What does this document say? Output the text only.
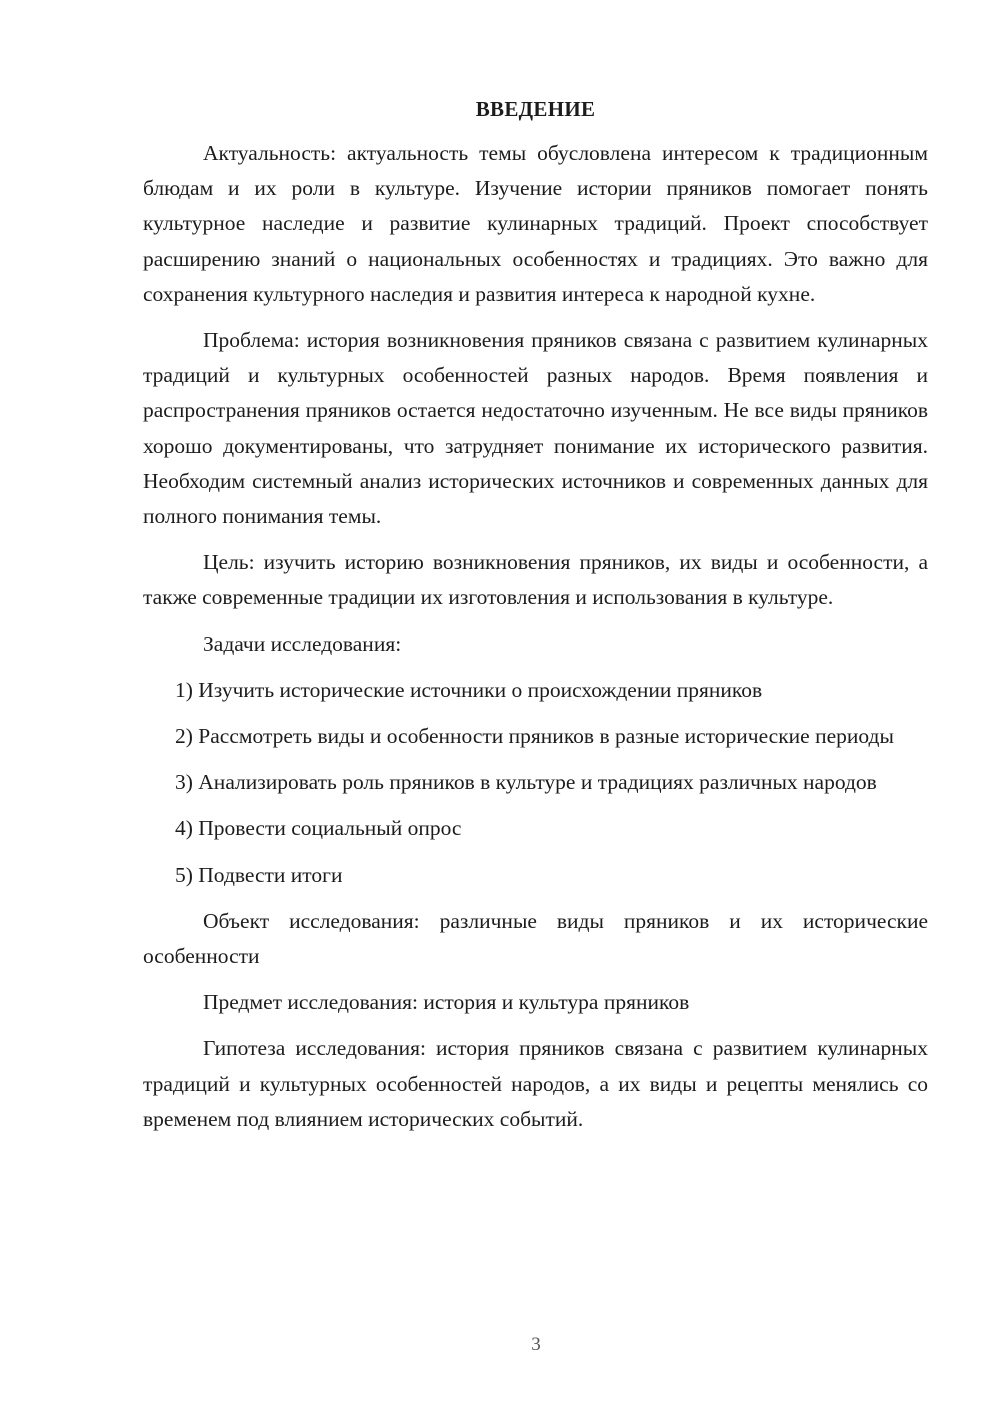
ВВЕДЕНИЕ
Актуальность: актуальность темы обусловлена интересом к традиционным блюдам и их роли в культуре. Изучение истории пряников помогает понять культурное наследие и развитие кулинарных традиций. Проект способствует расширению знаний о национальных особенностях и традициях. Это важно для сохранения культурного наследия и развития интереса к народной кухне.
Проблема: история возникновения пряников связана с развитием кулинарных традиций и культурных особенностей разных народов. Время появления и распространения пряников остается недостаточно изученным. Не все виды пряников хорошо документированы, что затрудняет понимание их исторического развития. Необходим системный анализ исторических источников и современных данных для полного понимания темы.
Цель: изучить историю возникновения пряников, их виды и особенности, а также современные традиции их изготовления и использования в культуре.
Задачи исследования:
1) Изучить исторические источники о происхождении пряников
2) Рассмотреть виды и особенности пряников в разные исторические периоды
3) Анализировать роль пряников в культуре и традициях различных народов
4) Провести социальный опрос
5) Подвести итоги
Объект исследования: различные виды пряников и их исторические особенности
Предмет исследования: история и культура пряников
Гипотеза исследования: история пряников связана с развитием кулинарных традиций и культурных особенностей народов, а их виды и рецепты менялись со временем под влиянием исторических событий.
3
